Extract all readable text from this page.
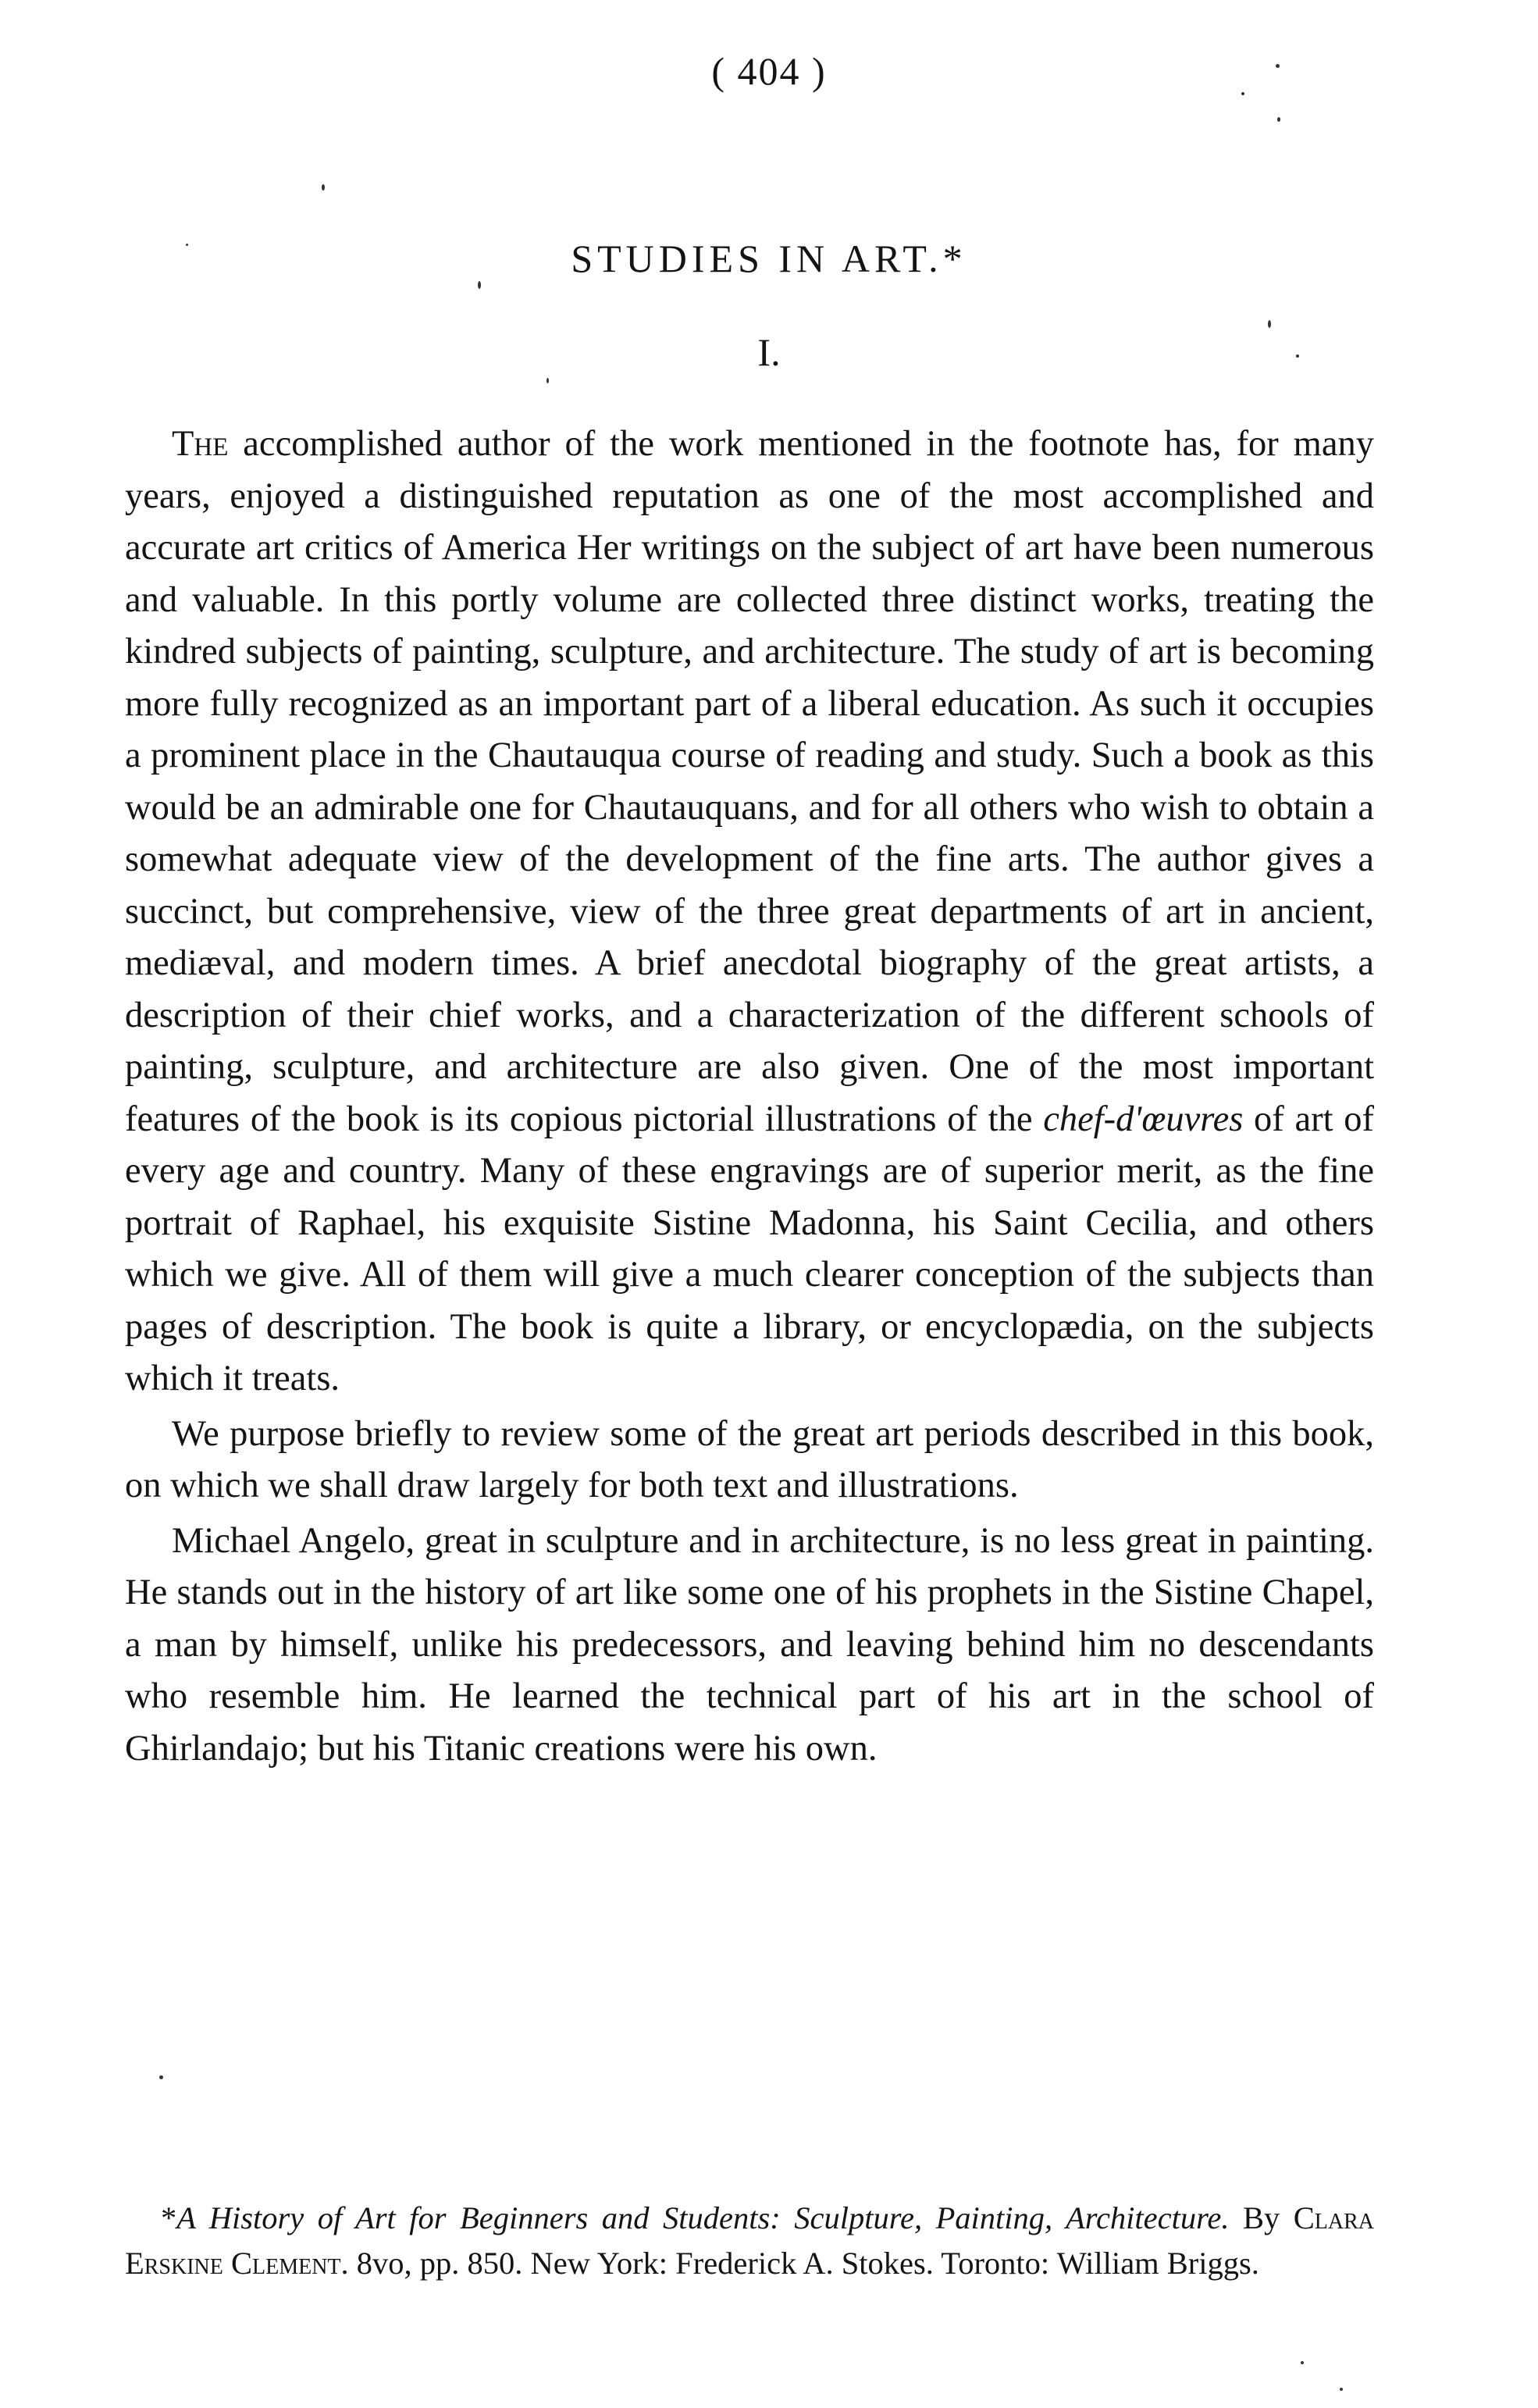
( 404 )
STUDIES IN ART.*
I.

The accomplished author of the work mentioned in the footnote has, for many years, enjoyed a distinguished reputation as one of the most accomplished and accurate art critics of America Her writings on the subject of art have been numerous and valuable. In this portly volume are collected three distinct works, treating the kindred subjects of painting, sculpture, and architecture. The study of art is becoming more fully recognized as an important part of a liberal education. As such it occupies a prominent place in the Chautauqua course of reading and study. Such a book as this would be an admirable one for Chautauquans, and for all others who wish to obtain a somewhat adequate view of the development of the fine arts. The author gives a succinct, but comprehensive, view of the three great departments of art in ancient, mediæval, and modern times. A brief anecdotal biography of the great artists, a description of their chief works, and a characterization of the different schools of painting, sculpture, and architecture are also given. One of the most important features of the book is its copious pictorial illustrations of the chef-d'œuvres of art of every age and country. Many of these engravings are of superior merit, as the fine portrait of Raphael, his exquisite Sistine Madonna, his Saint Cecilia, and others which we give. All of them will give a much clearer conception of the subjects than pages of description. The book is quite a library, or encyclopædia, on the subjects which it treats.

We purpose briefly to review some of the great art periods described in this book, on which we shall draw largely for both text and illustrations.

Michael Angelo, great in sculpture and in architecture, is no less great in painting. He stands out in the history of art like some one of his prophets in the Sistine Chapel, a man by himself, unlike his predecessors, and leaving behind him no descendants who resemble him. He learned the technical part of his art in the school of Ghirlandajo; but his Titanic creations were his own.

*A History of Art for Beginners and Students: Sculpture, Painting, Architecture. By Clara Erskine Clement. 8vo, pp. 850. New York: Frederick A. Stokes. Toronto: William Briggs.
